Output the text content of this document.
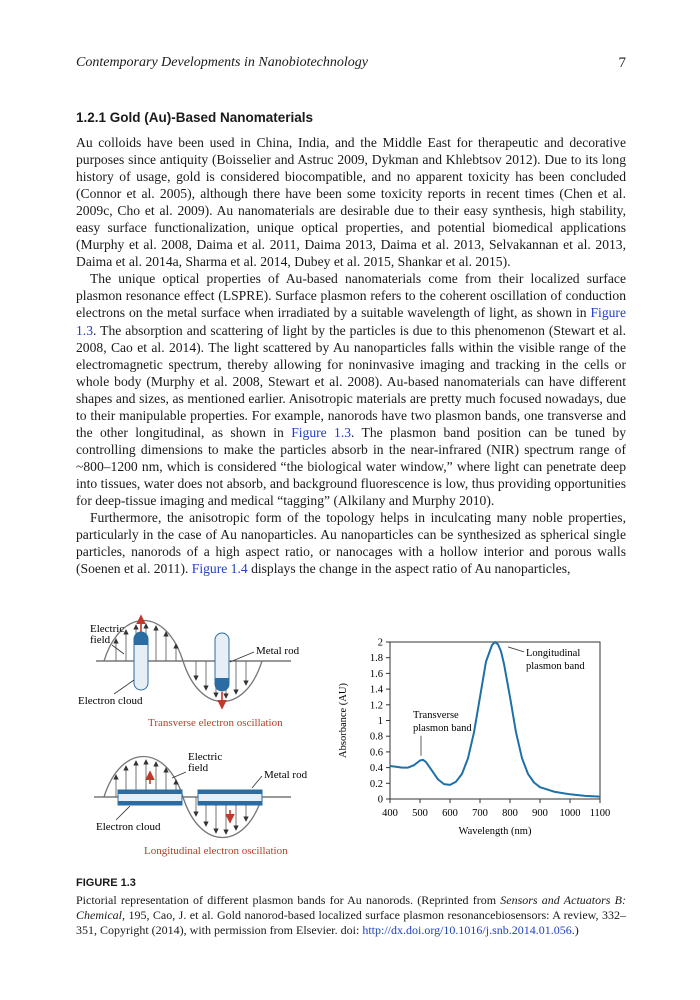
Contemporary Developments in Nanobiotechnology	7
1.2.1 Gold (Au)-Based Nanomaterials

Au colloids have been used in China, India, and the Middle East for therapeutic and decorative purposes since antiquity (Boisselier and Astruc 2009, Dykman and Khlebtsov 2012). Due to its long history of usage, gold is considered biocompatible, and no apparent toxicity has been concluded (Connor et al. 2005), although there have been some toxicity reports in recent times (Chen et al. 2009c, Cho et al. 2009). Au nanomaterials are desirable due to their easy synthesis, high stability, easy surface functionalization, unique optical properties, and potential biomedical applications (Murphy et al. 2008, Daima et al. 2011, Daima 2013, Daima et al. 2013, Selvakannan et al. 2013, Daima et al. 2014a, Sharma et al. 2014, Dubey et al. 2015, Shankar et al. 2015).

The unique optical properties of Au-based nanomaterials come from their localized surface plasmon resonance effect (LSPRE). Surface plasmon refers to the coherent oscillation of conduction electrons on the metal surface when irradiated by a suitable wavelength of light, as shown in Figure 1.3. The absorption and scattering of light by the particles is due to this phenomenon (Stewart et al. 2008, Cao et al. 2014). The light scattered by Au nanoparticles falls within the visible range of the electromagnetic spectrum, thereby allowing for noninvasive imaging and tracking in the cells or whole body (Murphy et al. 2008, Stewart et al. 2008). Au-based nanomaterials can have different shapes and sizes, as mentioned earlier. Anisotropic materials are pretty much focused nowadays, due to their manipulable properties. For example, nanorods have two plasmon bands, one transverse and the other longitudinal, as shown in Figure 1.3. The plasmon band position can be tuned by controlling dimensions to make the particles absorb in the near-infrared (NIR) spectrum range of ~800–1200 nm, which is considered “the biological water window,” where light can penetrate deep into tissues, water does not absorb, and background fluorescence is low, thus providing opportunities for deep-tissue imaging and medical “tagging” (Alkilany and Murphy 2010).

Furthermore, the anisotropic form of the topology helps in inculcating many noble properties, particularly in the case of Au nanoparticles. Au nanoparticles can be synthesized as spherical single particles, nanorods of a high aspect ratio, or nanocages with a hollow interior and porous walls (Soenen et al. 2011). Figure 1.4 displays the change in the aspect ratio of Au nanoparticles,

Electric field
Metal rod
Electron cloud
Transverse electron oscillation
Electric field
Metal rod
Electron cloud
Longitudinal electron oscillation
0
0.2
0.4
0.6
0.8
1
1.2
1.4
1.6
1.8
2
400 500 600 700 800 900 1000 1100
Wavelength (nm)
Absorbance (AU)
Longitudinal plasmon band
Transverse plasmon band
FIGURE 1.3

Pictorial representation of different plasmon bands for Au nanorods. (Reprinted from Sensors and Actuators B: Chemical, 195, Cao, J. et al. Gold nanorod-based localized surface plasmon resonancebiosensors: A review, 332–351, Copyright (2014), with permission from Elsevier. doi: http://dx.doi.org/10.1016/j.snb.2014.01.056.)
